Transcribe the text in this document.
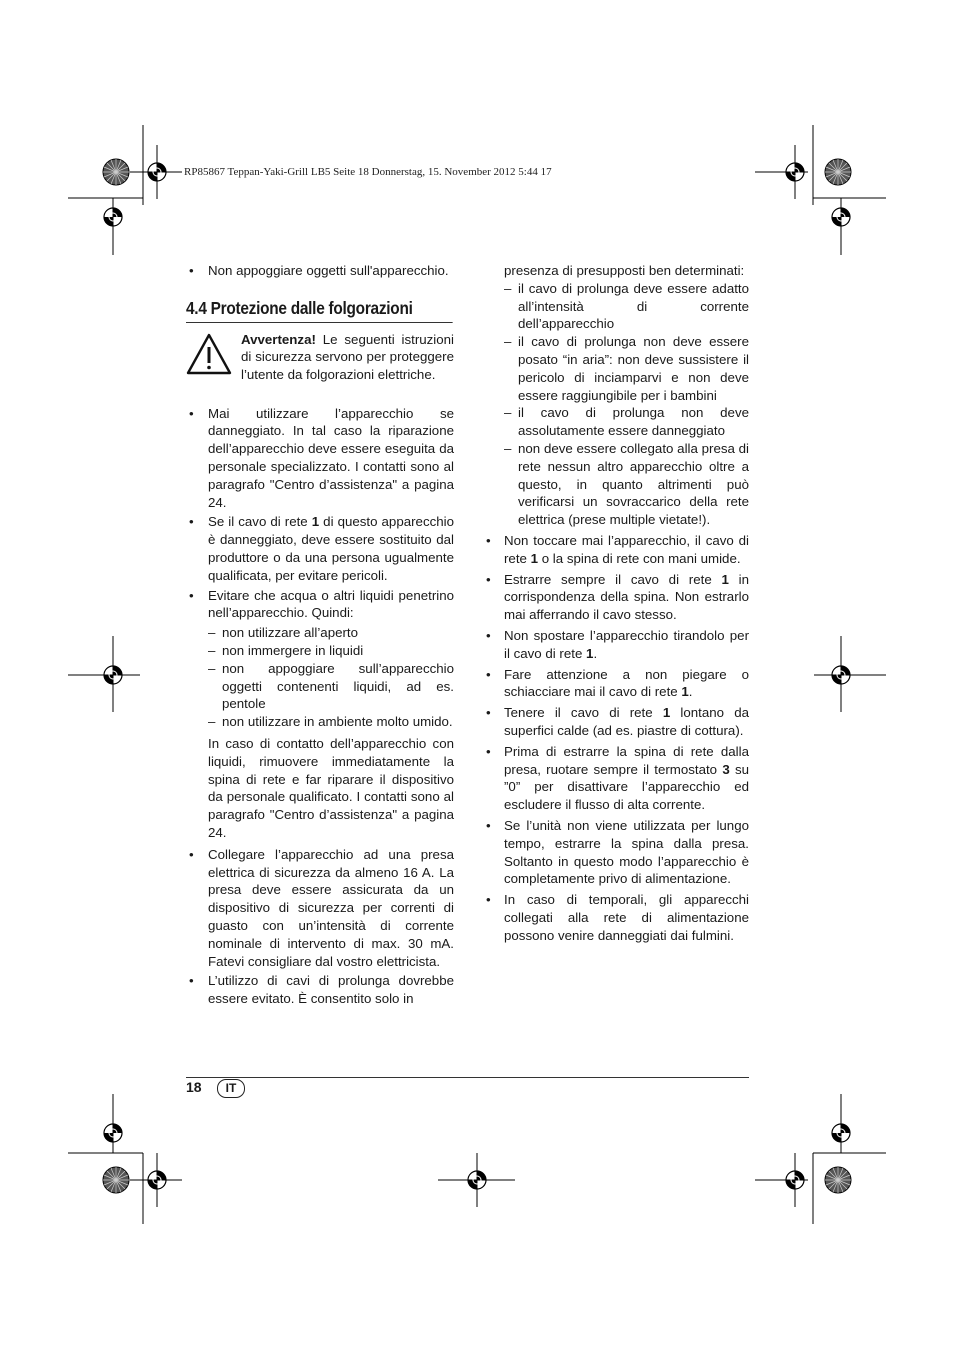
RP85867 Teppan-Yaki-Grill LB5 Seite 18 Donnerstag, 15. November 2012 5:44 17

• Non appoggiare oggetti sull'apparecchio.

4.4 Protezione dalle folgorazioni
Avvertenza! Le seguenti istruzioni di sicurezza servono per proteggere l’utente da folgorazioni elettriche.

• Mai utilizzare l’apparecchio se danneggiato. In tal caso la riparazione dell’apparecchio deve essere eseguita da personale specializzato. I contatti sono al paragrafo "Centro d’assistenza" a pagina 24.

• Se il cavo di rete 1 di questo apparecchio è danneggiato, deve essere sostituito dal produttore o da una persona ugualmente qualificata, per evitare pericoli.

• Evitare che acqua o altri liquidi penetrino nell’apparecchio. Quindi:

– non utilizzare all’aperto

– non immergere in liquidi

– non appoggiare sull’apparecchio oggetti contenenti liquidi, ad es. pentole

– non utilizzare in ambiente molto umido.

In caso di contatto dell’apparecchio con liquidi, rimuovere immediatamente la spina di rete e far riparare il dispositivo da personale qualificato. I contatti sono al paragrafo "Centro d’assistenza" a pagina 24.

• Collegare l’apparecchio ad una presa elettrica di sicurezza da almeno 16 A. La presa deve essere assicurata da un dispositivo di sicurezza per correnti di guasto con un’intensità di corrente nominale di intervento di max. 30 mA. Fatevi consigliare dal vostro elettricista.

• L’utilizzo di cavi di prolunga dovrebbe essere evitato. È consentito solo in

presenza di presupposti ben determinati:

– il cavo di prolunga deve essere adatto all’intensità di corrente dell’apparecchio

– il cavo di prolunga non deve essere posato “in aria”: non deve sussistere il pericolo di inciamparvi e non deve essere raggiungibile per i bambini

– il cavo di prolunga non deve assolutamente essere danneggiato

– non deve essere collegato alla presa di rete nessun altro apparecchio oltre a questo, in quanto altrimenti può verificarsi un sovraccarico della rete elettrica (prese multiple vietate!).

• Non toccare mai l’apparecchio, il cavo di rete 1 o la spina di rete con mani umide.

• Estrarre sempre il cavo di rete 1 in corrispondenza della spina. Non estrarlo mai afferrando il cavo stesso.

• Non spostare l’apparecchio tirandolo per il cavo di rete 1.

• Fare attenzione a non piegare o schiacciare mai il cavo di rete 1.

• Tenere il cavo di rete 1 lontano da superfici calde (ad es. piastre di cottura).

• Prima di estrarre la spina di rete dalla presa, ruotare sempre il termostato 3 su ”0” per disattivare l’apparecchio ed escludere il flusso di alta corrente.

• Se l’unità non viene utilizzata per lungo tempo, estrarre la spina dalla presa. Soltanto in questo modo l’apparecchio è completamente privo di alimentazione.

• In caso di temporali, gli apparecchi collegati alla rete di alimentazione possono venire danneggiati dai fulmini.

18	IT
